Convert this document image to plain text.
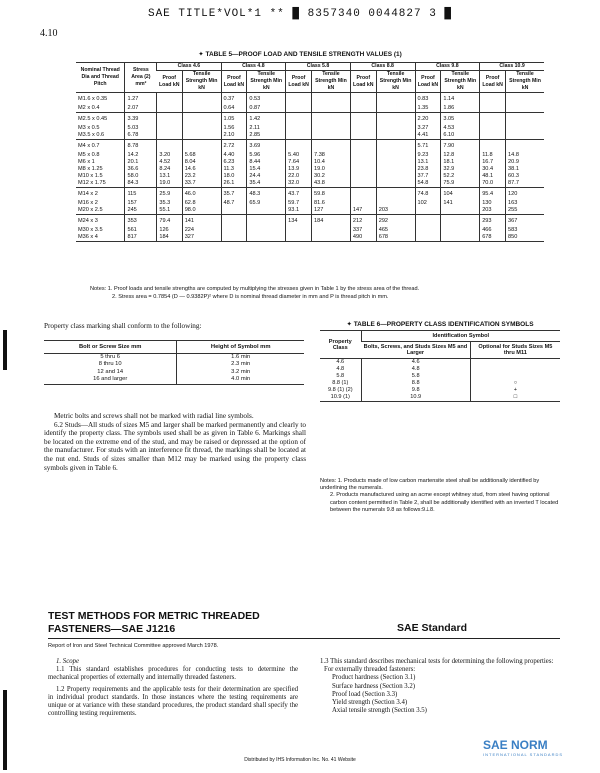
SAE TITLE*VOL*1 ** █ 8357340 0044827 3 █
4.10
✦ TABLE 5—PROOF LOAD AND TENSILE STRENGTH VALUES (1)
Nominal Thread Dia and Thread Pitch	Stress Area (2) mm²	Class 4.6		Class 4.8		Class 5.8		Class 8.8		Class 9.8		Class 10.9	
		Proof Load kN	Tensile Strength Min kN	Proof Load kN	Tensile Strength Min kN	Proof Load kN	Tensile Strength Min kN	Proof Load kN	Tensile Strength Min kN	Proof Load kN	Tensile Strength Min kN	Proof Load kN	Tensile Strength Min kN
M1.6 x 0.35	1.27			0.37	0.53					0.83	1.14		
M2 x 0.4	2.07			0.64	0.87					1.35	1.86		
M2.5 x 0.45	3.39			1.05	1.42					2.20	3.05		
M3 x 0.5	5.03			1.56	2.11					3.27	4.53		
M3.5 x 0.6	6.78			2.10	2.85					4.41	6.10		
M4 x 0.7	8.78			2.72	3.69					5.71	7.90		
M5 x 0.8	14.2	3.20	5.68	4.40	5.96	5.40	7.38			9.23	12.8	11.8	14.8
M6 x 1	20.1	4.52	8.04	6.23	8.44	7.64	10.4			13.1	18.1	16.7	20.9
M8 x 1.25	36.6	8.24	14.6	11.3	15.4	13.9	19.0			23.8	32.9	30.4	38.1
M10 x 1.5	58.0	13.1	23.2	18.0	24.4	22.0	30.2			37.7	52.2	48.1	60.3
M12 x 1.75	84.3	19.0	33.7	26.1	35.4	32.0	43.8			54.8	75.9	70.0	87.7
M14 x 2	115	25.9	46.0	35.7	48.3	43.7	59.8			74.8	104	95.4	120
M16 x 2	157	35.3	62.8	48.7	65.9	59.7	81.6			102	141	130	163
M20 x 2.5	245	55.1	98.0			93.1	127	147	203			203	255
M24 x 3	353	79.4	141			134	184	212	292			293	367
M30 x 3.5	561	126	224					337	465			466	583
M36 x 4	817	184	327					490	678			678	850
Notes: 1. Proof loads and tensile strengths are computed by multiplying the stresses given in Table 1 by the stress area of the thread.
2. Stress area = 0.7854 (D — 0.9382P)² where D is nominal thread diameter in mm and P is thread pitch in mm.
Property class marking shall conform to the following:
Bolt or Screw Size mm	Height of Symbol mm
5 thru 6	1.6 min
8 thru 10	2.3 min
12 and 14	3.2 min
16 and larger	4.0 min
Metric bolts and screws shall not be marked with radial line symbols.
6.2 Studs—All studs of sizes M5 and larger shall be marked permanently and clearly to identify the property class. The symbols used shall be as given in Table 6. Markings shall be located on the extreme end of the stud, and may be raised or depressed at the option of the manufacturer. For studs with an interference fit thread, the markings shall be located at the nut end. Studs of sizes smaller than M12 may be marked using the property class symbols given in Table 6.
✦ TABLE 6—PROPERTY CLASS IDENTIFICATION SYMBOLS
Property Class	Identification Symbol	
	Bolts, Screws, and Studs Sizes M5 and Larger	Optional for Studs Sizes M5 thru M11
4.6	4.6	
4.8	4.8	
5.8	5.8	
8.8 (1)	8.8	○
9.8 (1) (2)	9.8	+
10.9 (1)	10.9	□
Notes: 1. Products made of low carbon martensite steel shall be additionally identified by underlining the numerals.
2. Products manufactured using an acme except whitney stud, from steel having optional carbon content permitted in Table 2, shall be additionally identified with an inverted T located between the numerals 9.8 as follows:9⊥8.
TEST METHODS FOR METRIC THREADED
FASTENERS—SAE J1216	SAE Standard
Report of Iron and Steel Technical Committee approved March 1978.
1. Scope
1.1 This standard establishes procedures for conducting tests to determine the mechanical properties of externally and internally threaded fasteners.
1.2 Property requirements and the applicable tests for their determination are specified in individual product standards. In those instances where the testing requirements are unique or at variance with these standard procedures, the product standard shall specify the controlling testing requirements.
1.3 This standard describes mechanical tests for determining the following properties:
For externally threaded fasteners:
Product hardness (Section 3.1)
Surface hardness (Section 3.2)
Proof load (Section 3.3)
Yield strength (Section 3.4)
Axial tensile strength (Section 3.5)
Distributed by IHS Information Inc. No. 41 Website
SAE NORM
INTERNATIONAL STANDARDS
